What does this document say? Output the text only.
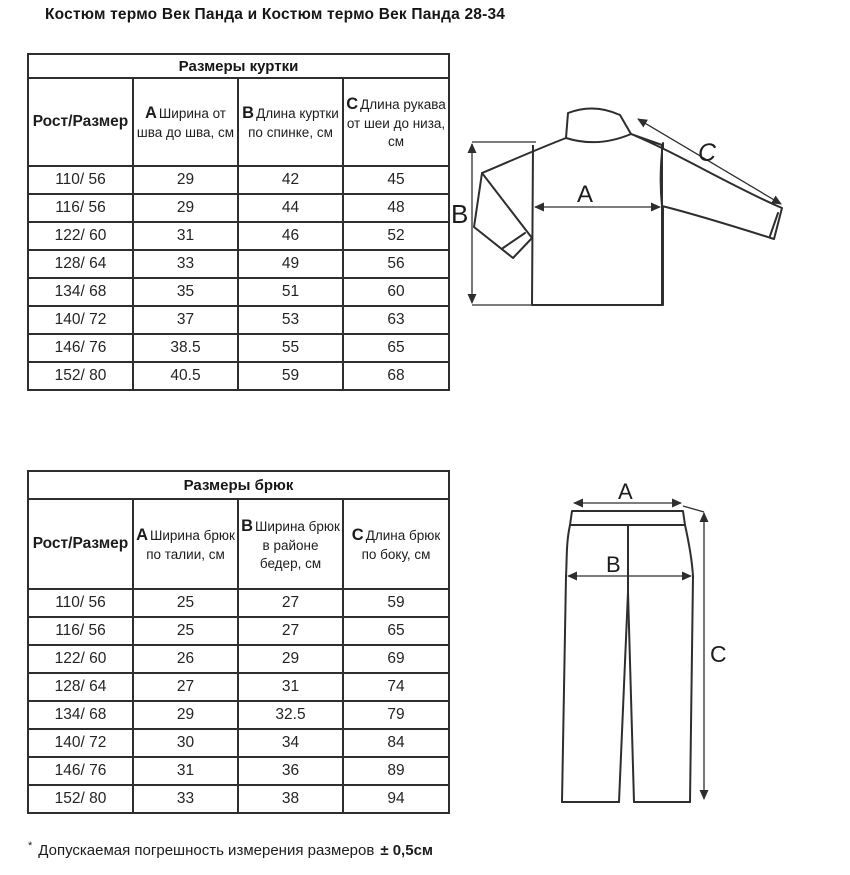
Костюм термо Век Панда и Костюм термо Век Панда 28-34
Размеры куртки			
Рост/Размер	A Ширина от шва до шва, см	B Длина куртки по спинке, см	C Длина рукава от шеи до низа, см
110/ 56	29	42	45
116/ 56	29	44	48
122/ 60	31	46	52
128/ 64	33	49	56
134/ 68	35	51	60
140/ 72	37	53	63
146/ 76	38.5	55	65
152/ 80	40.5	59	68
Размеры брюк			
Рост/Размер	A Ширина брюк по талии, см	B Ширина брюк в районе бедер, см	C Длина брюк по боку, см
110/ 56	25	27	59
116/ 56	25	27	65
122/ 60	26	29	69
128/ 64	27	31	74
134/ 68	29	32.5	79
140/ 72	30	34	84
146/ 76	31	36	89
152/ 80	33	38	94
B
A
C
A
B
C
* Допускаемая погрешность измерения размеров ± 0,5см
